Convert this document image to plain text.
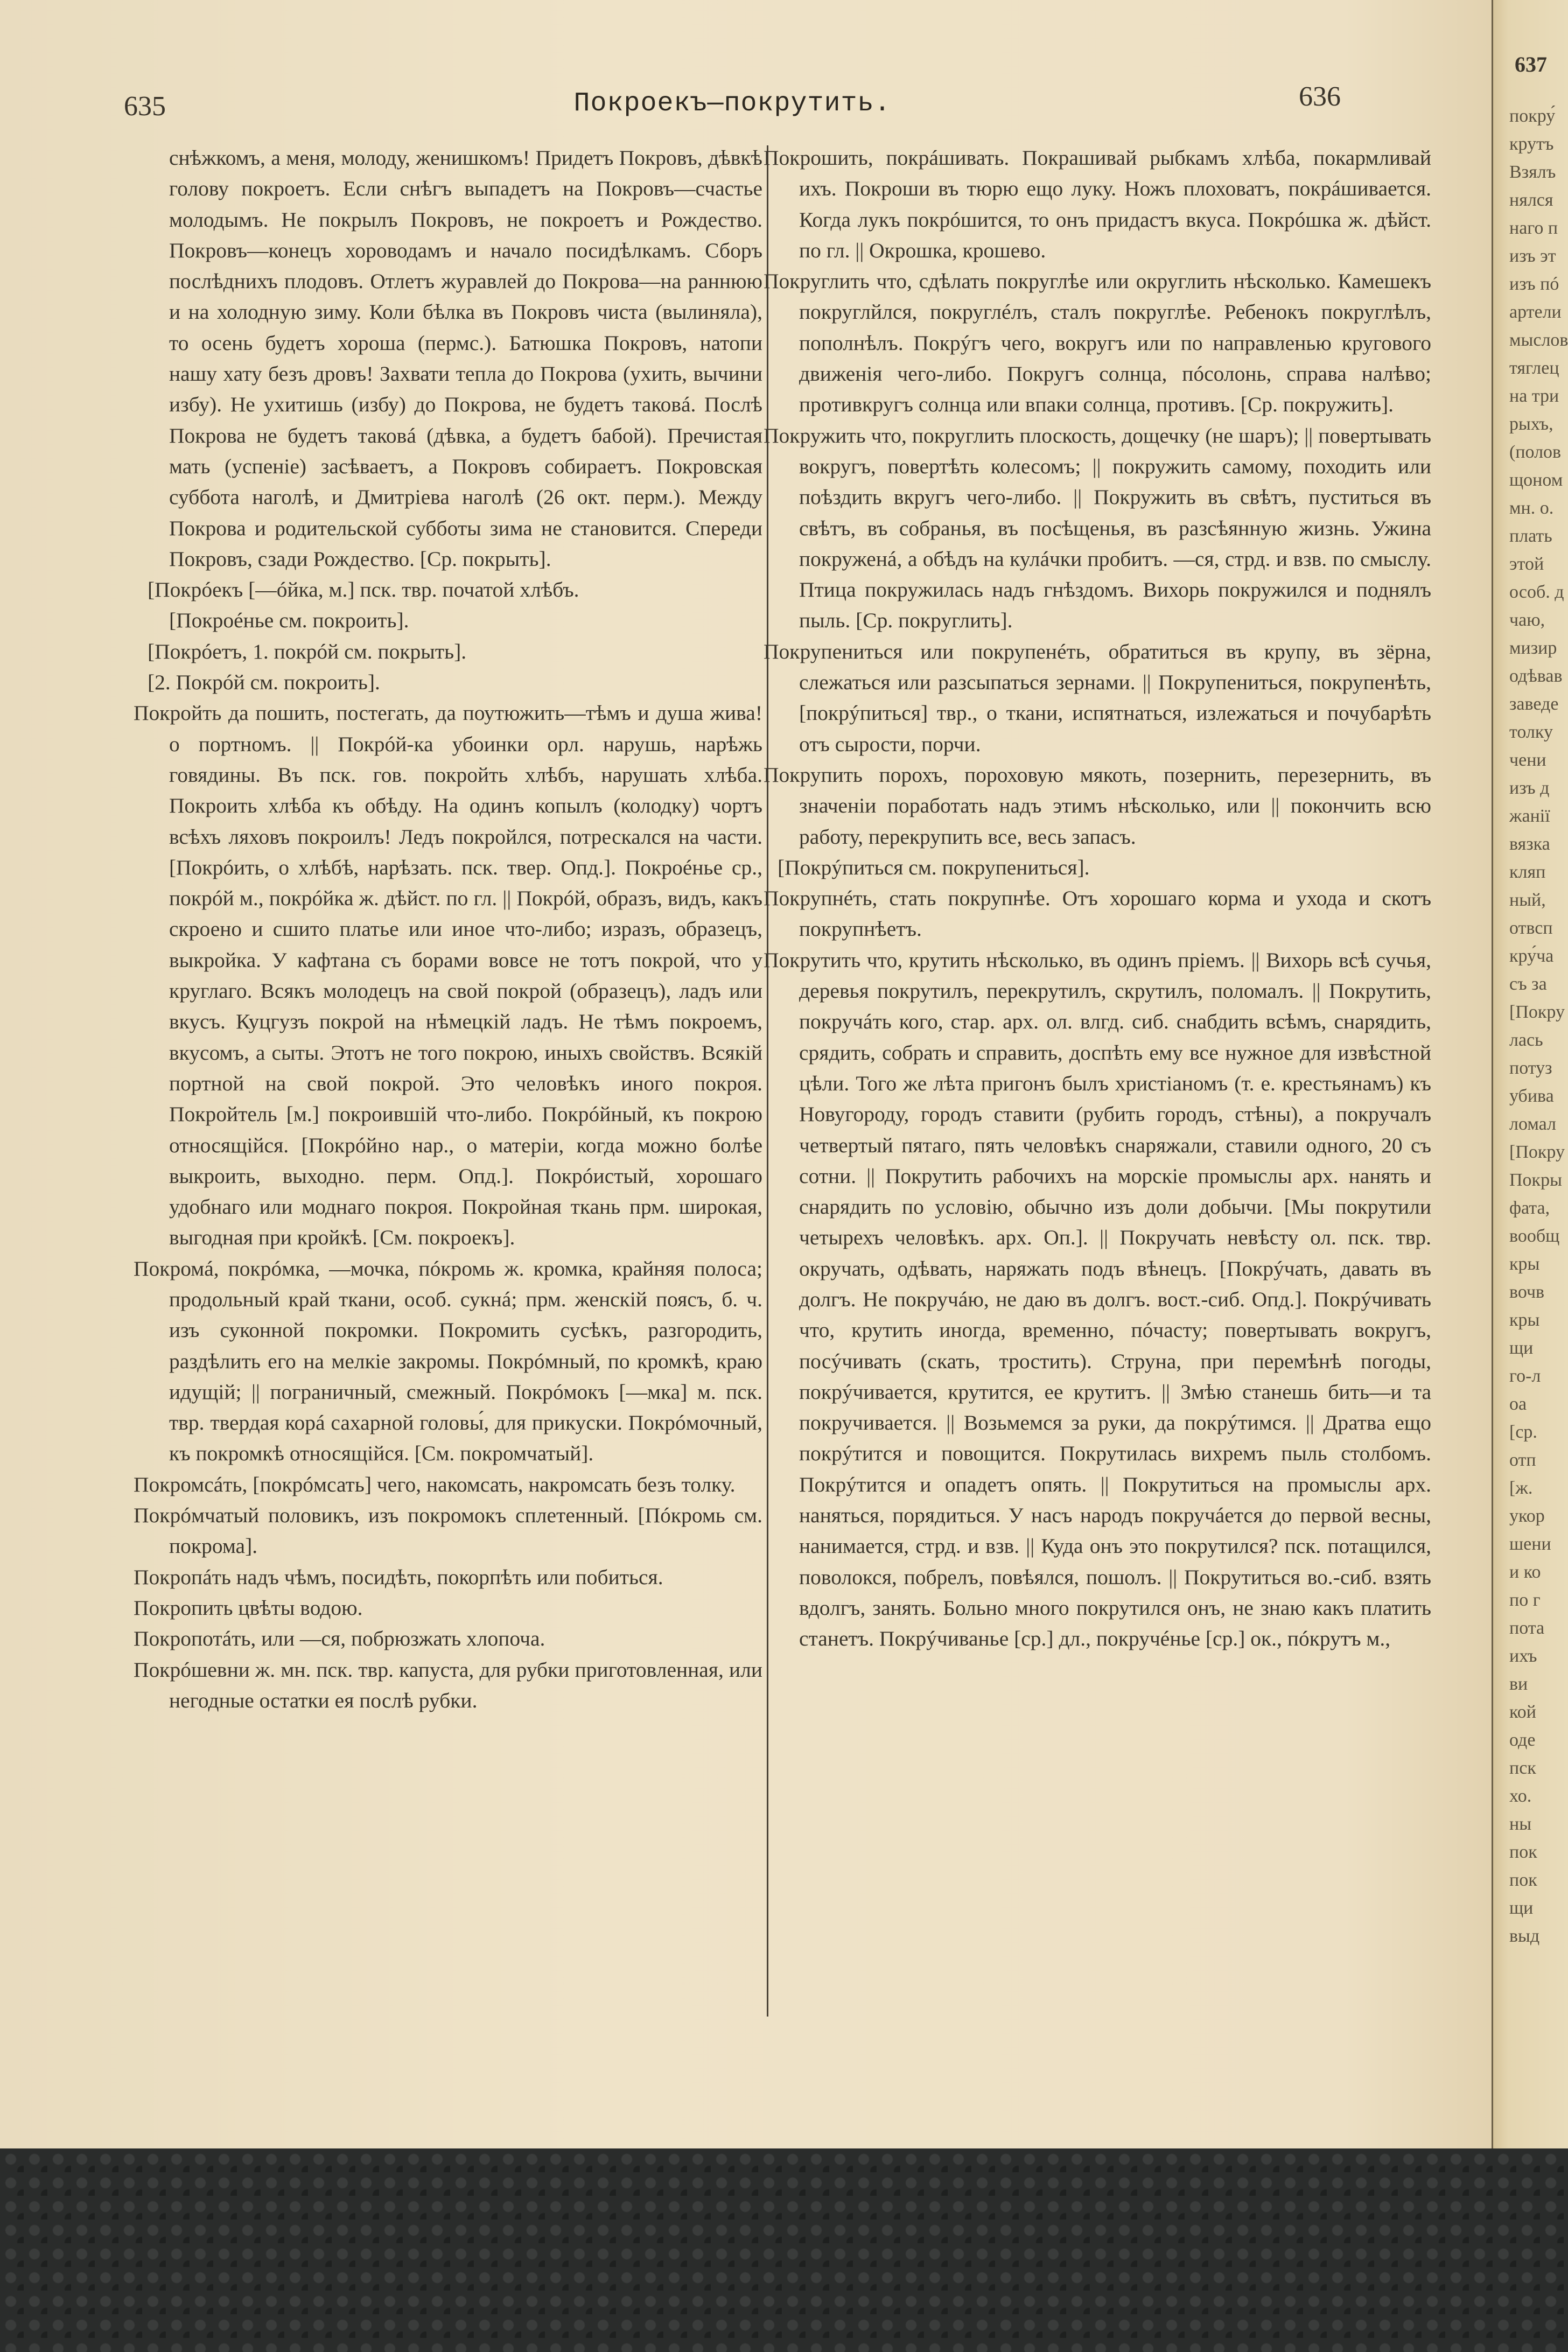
635	Покроекъ—покрутить.	636

снѣжкомъ, а меня, молоду, женишкомъ! Придетъ Покровъ, дѣвкѣ голову покроетъ. Если снѣгъ выпадетъ на Покровъ—счастье молодымъ. Не покрылъ Покровъ, не покроетъ и Рождество. Покровъ—конецъ хороводамъ и начало посидѣлкамъ. Сборъ послѣднихъ плодовъ. Отлетъ журавлей до Покрова—на раннюю и на холодную зиму. Коли бѣлка въ Покровъ чиста (вылиняла), то осень будетъ хороша (пермс.). Батюшка Покровъ, натопи нашу хату безъ дровъ! Захвати тепла до Покрова (ухить, вычини избу). Не ухитишь (избу) до Покрова, не будетъ таковá. Послѣ Покрова не будетъ таковá (дѣвка, а будетъ бабой). Пречистая мать (успеніе) засѣваетъ, а Покровъ собираетъ. Покровская суббота наголѣ, и Дмитріева наголѣ (26 окт. перм.). Между Покрова и родительской субботы зима не становится. Спереди Покровъ, сзади Рождество. [Ср. покрыть].

[Покрóекъ [—óйка, м.] пск. твр. початой хлѣбъ.

[Покроéнье см. покроить].

[Покрóетъ, 1. покрóй см. покрыть].

[2. Покрóй см. покроить].

Покройть да пошить, постегать, да поутюжить—тѣмъ и душа жива! о портномъ. || Покрóй-ка убоинки орл. нарушь, нарѣжь говядины. Въ пск. гов. покройть хлѣбъ, нарушать хлѣба. Покроить хлѣба къ обѣду. На одинъ копылъ (колодку) чортъ всѣхъ ляховъ покроилъ! Ледъ покройлся, потрескался на части. [Покрóить, о хлѣбѣ, нарѣзать. пск. твер. Опд.]. Покроéнье ср., покрóй м., покрóйка ж. дѣйст. по гл. || Покрóй, образъ, видъ, какъ скроено и сшито платье или иное что-либо; изразъ, образецъ, выкройка. У кафтана съ борами вовсе не тотъ покрой, что у круглаго. Всякъ молодецъ на свой покрой (образецъ), ладъ или вкусъ. Куцгузъ покрой на нѣмецкій ладъ. Не тѣмъ покроемъ, вкусомъ, а сыты. Этотъ не того покрою, иныхъ свойствъ. Всякій портной на свой покрой. Это человѣкъ иного покроя. Покройтель [м.] покроившій что-либо. Покрóйный, къ покрою относящійся. [Покрóйно нар., о матеріи, когда можно болѣе выкроить, выходно. перм. Опд.]. Покрóистый, хорошаго удобнаго или моднаго покроя. Покройная ткань прм. широкая, выгодная при кройкѣ. [См. покроекъ].

Покромá, покрóмка, —мочка, пóкромь ж. кромка, крайняя полоса; продольный край ткани, особ. сукнá; прм. женскій поясъ, б. ч. изъ суконной покромки. Покромить сусѣкъ, разгородить, раздѣлить его на мелкіе закромы. Покрóмный, по кромкѣ, краю идущій; || пограничный, смежный. Покрóмокъ [—мка] м. пск. твр. твердая корá сахарной головы́, для прикуски. Покрóмочный, къ покромкѣ относящійся. [См. покромчатый].

Покромсáть, [покрóмсать] чего, накомсать, накромсать безъ толку.

Покрóмчатый половикъ, изъ покромокъ сплетенный. [Пóкромь см. покрома].

Покропáть надъ чѣмъ, посидѣть, покорпѣть или побиться.

Покропить цвѣты водою.

Покропотáть, или —ся, побрюзжать хлопоча.

Покрóшевни ж. мн. пск. твр. капуста, для рубки приготовленная, или негодные остатки ея послѣ рубки.

Покрошить, покрáшивать. Покрашивай рыбкамъ хлѣба, покармливай ихъ. Покроши въ тюрю ещо луку. Ножъ плоховатъ, покрáшивается. Когда лукъ покрóшится, то онъ придастъ вкуса. Покрóшка ж. дѣйст. по гл. || Окрошка, крошево.

Покруглить что, сдѣлать покруглѣе или округлить нѣсколько. Камешекъ покруглйлся, покруглéлъ, сталъ покруглѣе. Ребенокъ покруглѣлъ, пополнѣлъ. Покрýгъ чего, вокругъ или по направленью кругового движенія чего-либо. Покругъ солнца, пóсолонь, справа налѣво; противкругъ солнца или впаки солнца, противъ. [Ср. покружить].

Покружить что, покруглить плоскость, дощечку (не шаръ); || повертывать вокругъ, повертѣть колесомъ; || покружить самому, походить или поѣздить вкругъ чего-либо. || Покружить въ свѣтъ, пуститься въ свѣтъ, въ собранья, въ посѣщенья, въ разсѣянную жизнь. Ужина покруженá, а обѣдъ на кулáчки пробитъ. —ся, стрд. и взв. по смыслу. Птица покружилась надъ гнѣздомъ. Вихорь покружился и поднялъ пыль. [Ср. покруглить].

Покрупениться или покрупенéть, обратиться въ крупу, въ зёрна, слежаться или разсыпаться зернами. || Покрупениться, покрупенѣть, [покрýпиться] твр., о ткани, испятнаться, излежаться и почубарѣть отъ сырости, порчи.

Покрупить порохъ, пороховую мякоть, позернить, перезернить, въ значеніи поработать надъ этимъ нѣсколько, или || покончить всю работу, перекрупить все, весь запасъ.

[Покрýпиться см. покрупениться].

Покрупнéть, стать покрупнѣе. Отъ хорошаго корма и ухода и скотъ покрупнѣетъ.

Покрутить что, крутить нѣсколько, въ одинъ пріемъ. || Вихорь всѣ сучья, деревья покрутилъ, перекрутилъ, скрутилъ, поломалъ. || Покрутить, покручáть кого, стар. арх. ол. влгд. сиб. снабдить всѣмъ, снарядить, срядить, собрать и справить, доспѣть ему все нужное для извѣстной цѣли. Того же лѣта пригонъ былъ христіаномъ (т. е. крестьянамъ) къ Новугороду, городъ ставити (рубить городъ, стѣны), а покручалъ четвертый пятаго, пять человѣкъ снаряжали, ставили одного, 20 съ сотни. || Покрутить рабочихъ на морскіе промыслы арх. нанять и снарядить по условію, обычно изъ доли добычи. [Мы покрутили четырехъ человѣкъ. арх. Оп.]. || Покручать невѣсту ол. пск. твр. окручать, одѣвать, наряжать подъ вѣнецъ. [Покрýчать, давать въ долгъ. Не покручáю, не даю въ долгъ. вост.-сиб. Опд.]. Покрýчивать что, крутить иногда, временно, пóчасту; повертывать вокругъ, посýчивать (скать, тростить). Струна, при перемѣнѣ погоды, покрýчивается, крутится, ее крутитъ. || Змѣю станешь бить—и та покручивается. || Возьмемся за руки, да покрýтимся. || Дратва ещо покрýтится и повощится. Покрутилась вихремъ пыль столбомъ. Покрýтится и опадетъ опять. || Покрутиться на промыслы арх. наняться, порядиться. У насъ народъ покручáется до первой весны, нанимается, стрд. и взв. || Куда онъ это покрутился? пск. потащился, поволокся, побрелъ, повѣялся, пошолъ. || Покрутиться во.-сиб. взять вдолгъ, занять. Больно много покрутился онъ, не знаю какъ платить станетъ. Покрýчиванье [ср.] дл., покручéнье [ср.] ок., пóкрутъ м.,

637
покру́
крутъ
Взялъ
нялся
наго п
изъ эт
изъ пó
артели
мыслов
тяглец
на три
рыхъ,
(полов
щоном
мн. о.
плать
этой
особ. д
чаю,
мизир
одѣвав
заведе
толку
чени
изъ д
жанії
вязка
кляп
ный,
отвсп
кру́ча
съ за
[Покру
лась
потуз
убива
ломал
[Покру
Покры
фата,
вообщ
кры
вочв
кры
щи
го-л
оа
[ср.
отп
[ж.
укор
шени
и ко
по г
пота
ихъ
ви
кой
оде
пск
хо.
ны
пок
пок
щи
выд
